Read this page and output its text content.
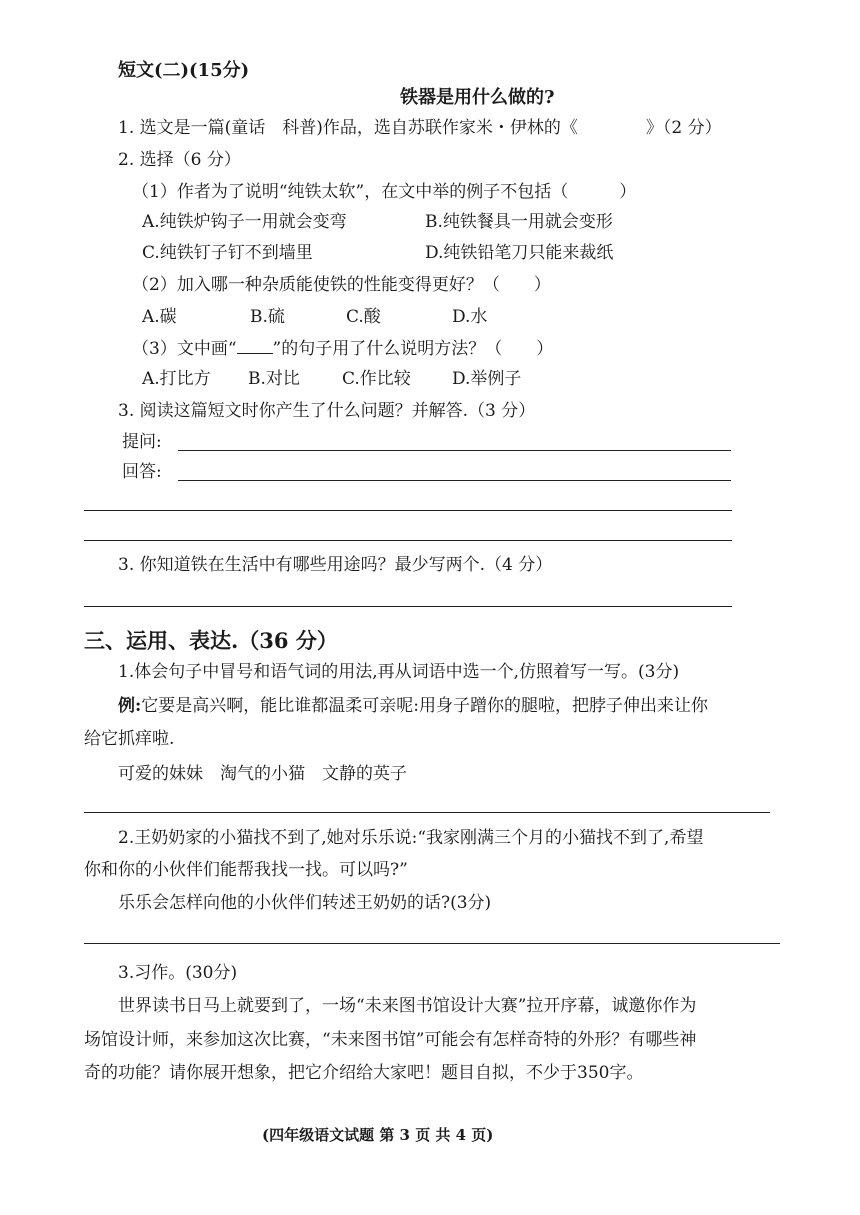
短文(二)(15分)
铁器是用什么做的?
1. 选文是一篇(童话　科普)作品，选自苏联作家米・伊林的《　　　　》（2 分）
2. 选择（6 分）
（1）作者为了说明“纯铁太软”，在文中举的例子不包括（　　　）
A.纯铁炉钩子一用就会变弯	B.纯铁餐具一用就会变形
C.纯铁钉子钉不到墙里	D.纯铁铅笔刀只能来裁纸
（2）加入哪一种杂质能使铁的性能变得更好？（　　）
A.碳	B.硫	C.酸	D.水
（3）文中画“ ”的句子用了什么说明方法？（　　）
A.打比方 B.对比 C.作比较 D.举例子
3. 阅读这篇短文时你产生了什么问题？并解答.（3 分）
提问:
回答:
3. 你知道铁在生活中有哪些用途吗？最少写两个.（4 分）
三、运用、表达.（36 分）
1.体会句子中冒号和语气词的用法,再从词语中选一个,仿照着写一写。(3分)
例:它要是高兴啊，能比谁都温柔可亲呢:用身子蹭你的腿啦，把脖子伸出来让你
给它抓痒啦.
可爱的妹妹　淘气的小猫　文静的英子
2.王奶奶家的小猫找不到了,她对乐乐说:“我家刚满三个月的小猫找不到了,希望
你和你的小伙伴们能帮我找一找。可以吗?”
乐乐会怎样向他的小伙伴们转述王奶奶的话?(3分)
3.习作。(30分)
世界读书日马上就要到了，一场“未来图书馆设计大赛”拉开序幕，诚邀你作为
场馆设计师，来参加这次比赛，“未来图书馆”可能会有怎样奇特的外形？有哪些神
奇的功能？请你展开想象，把它介绍给大家吧！题目自拟，不少于350字。
(四年级语文试题 第 3 页 共 4 页)
